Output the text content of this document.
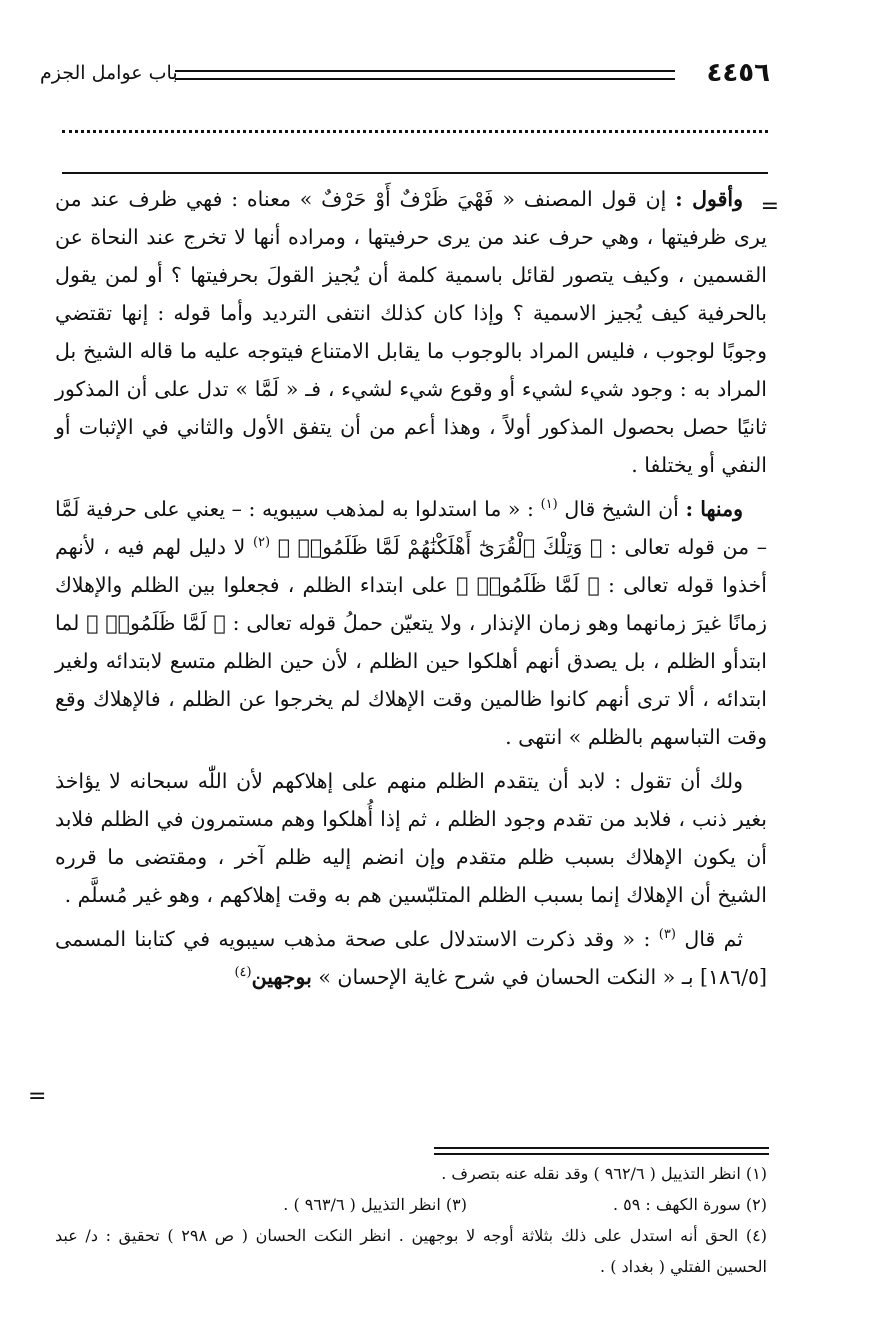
٤٤٥٦
باب عوامل الجزم
=

وأقول : إن قول المصنف « فَهْيَ ظَرْفٌ أَوْ حَرْفٌ » معناه : فهي ظرف عند من يرى ظرفيتها ، وهي حرف عند من يرى حرفيتها ، ومراده أنها لا تخرج عند النحاة عن القسمين ، وكيف يتصور لقائل باسمية كلمة أن يُجيز القولَ بحرفيتها ؟ أو لمن يقول بالحرفية كيف يُجيز الاسمية ؟ وإذا كان كذلك انتفى الترديد وأما قوله : إنها تقتضي وجوبًا لوجوب ، فليس المراد بالوجوب ما يقابل الامتناع فيتوجه عليه ما قاله الشيخ بل المراد به : وجود شيء لشيء أو وقوع شيء لشيء ، فـ « لَمَّا » تدل على أن المذكور ثانيًا حصل بحصول المذكور أولاً ، وهذا أعم من أن يتفق الأول والثاني في الإثبات أو النفي أو يختلفا .

ومنها : أن الشيخ قال $^{(١)}$ : « ما استدلوا به لمذهب سيبويه : – يعني على حرفية لَمَّا – من قوله تعالى : ﴿ وَتِلْكَ ٱلْقُرَىٰٓ أَهْلَكْنَٰهُمْ لَمَّا ظَلَمُوا۟ ﴾ $^{(٢)}$ لا دليل لهم فيه ، لأنهم أخذوا قوله تعالى : ﴿ لَمَّا ظَلَمُوا۟ ﴾ على ابتداء الظلم ، فجعلوا بين الظلم والإهلاك زمانًا غيرَ زمانهما وهو زمان الإنذار ، ولا يتعيّن حملُ قوله تعالى : ﴿ لَمَّا ظَلَمُوا۟ ﴾ لما ابتدأو الظلم ، بل يصدق أنهم أهلكوا حين الظلم ، لأن حين الظلم متسع لابتدائه ولغير ابتدائه ، ألا ترى أنهم كانوا ظالمين وقت الإهلاك لم يخرجوا عن الظلم ، فالإهلاك وقع وقت التباسهم بالظلم » انتهى .

ولك أن تقول : لابد أن يتقدم الظلم منهم على إهلاكهم لأن اللّٰه سبحانه لا يؤاخذ بغير ذنب ، فلابد من تقدم وجود الظلم ، ثم إذا أُهلكوا وهم مستمرون في الظلم فلابد أن يكون الإهلاك بسبب ظلم متقدم وإن انضم إليه ظلم آخر ، ومقتضى ما قرره الشيخ أن الإهلاك إنما بسبب الظلم المتلبّسين هم به وقت إهلاكهم ، وهو غير مُسلَّم .

ثم قال $^{(٣)}$ : « وقد ذكرت الاستدلال على صحة مذهب سيبويه في كتابنا المسمى [١٨٦/٥] بـ « النكت الحسان في شرح غاية الإحسان » بوجهين$^{(٤)}$

=

(١) انظر التذييل ( ٩٦٢/٦ ) وقد نقله عنه بتصرف .

(٢) سورة الكهف : ٥٩ .
(٣) انظر التذييل ( ٩٦٣/٦ ) .

(٤) الحق أنه استدل على ذلك بثلاثة أوجه لا بوجهين . انظر النكت الحسان ( ص ٢٩٨ ) تحقيق : د/ عبد الحسين الفتلي ( بغداد ) .
